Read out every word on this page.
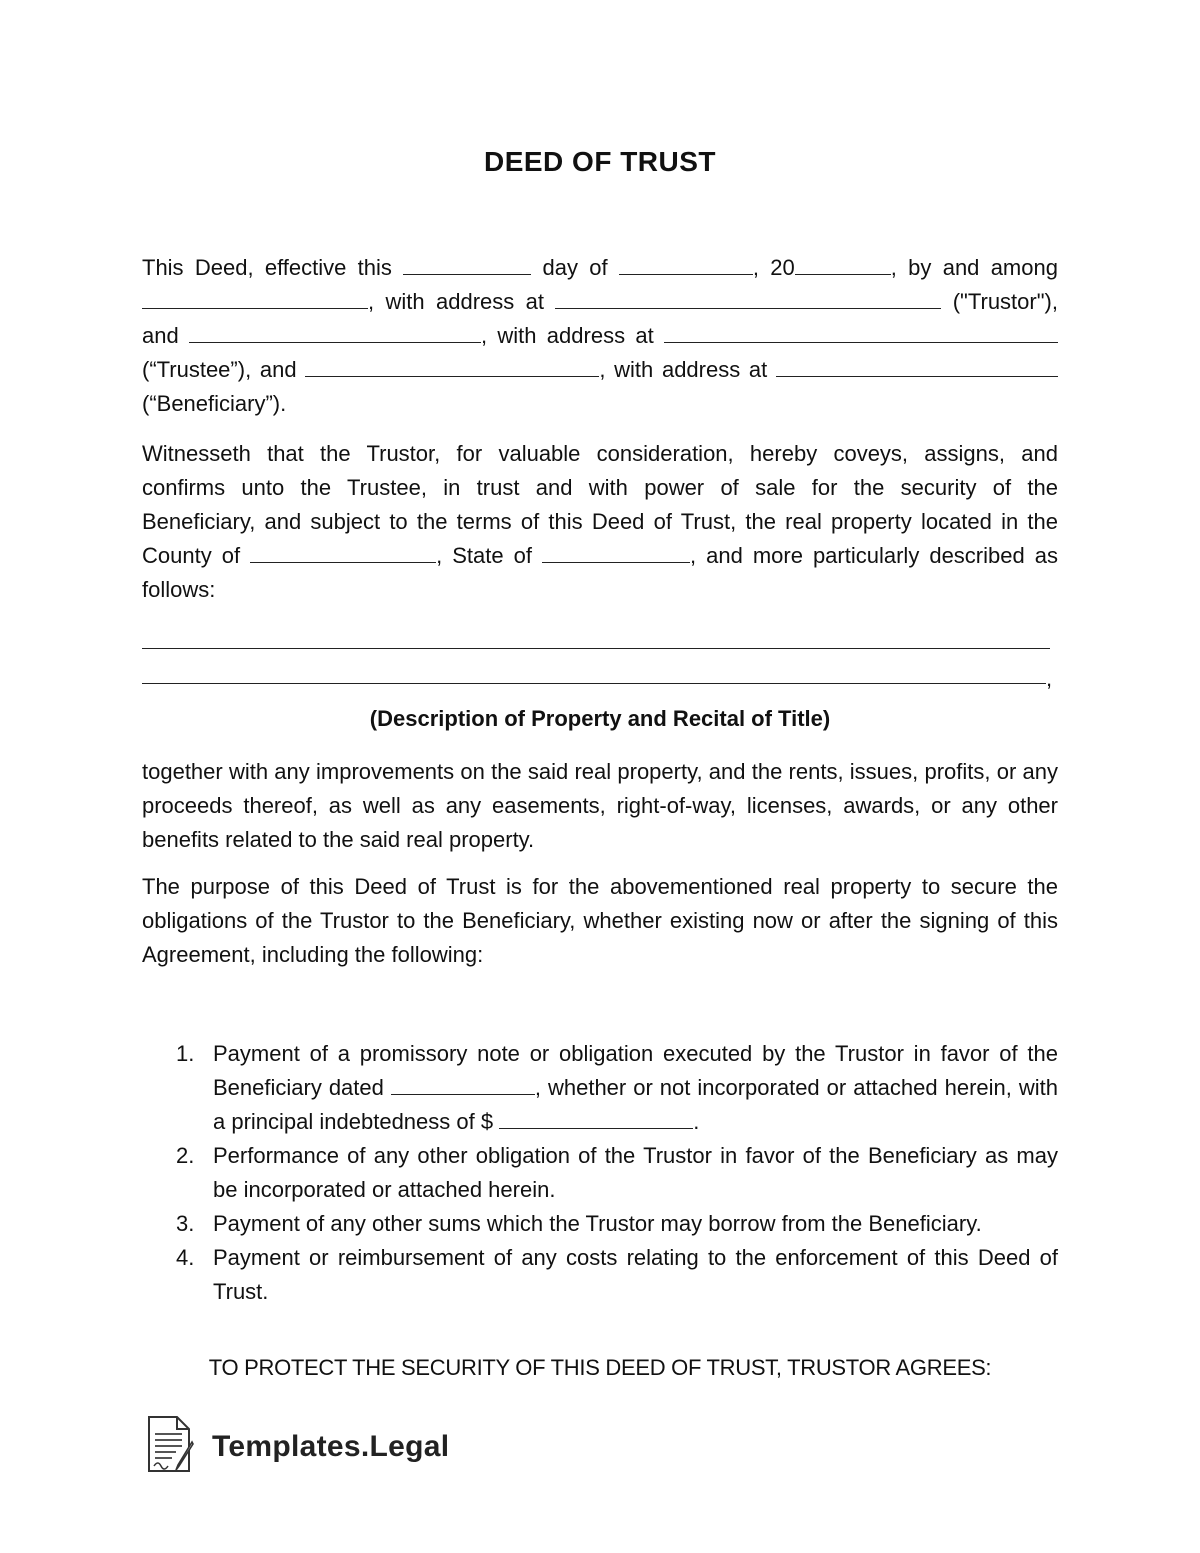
DEED OF TRUST
This Deed, effective this	day of	, 20	, by and among
, with address at	("Trustor"),
and	, with address at
(“Trustee”), and	, with address at
(“Beneficiary”).
Witnesseth that the Trustor, for valuable consideration, hereby coveys, assigns, and
confirms unto the Trustee, in trust and with power of sale for the security of the
Beneficiary, and subject to the terms of this Deed of Trust, the real property located in the
County of	, State of	, and more particularly described as
follows:
,
(Description of Property and Recital of Title)
together with any improvements on the said real property, and the rents, issues, profits, or any proceeds thereof, as well as any easements, right-of-way, licenses, awards, or any other benefits related to the said real property.
The purpose of this Deed of Trust is for the abovementioned real property to secure the obligations of the Trustor to the Beneficiary, whether existing now or after the signing of this Agreement, including the following:
1. Payment of a promissory note or obligation executed by the Trustor in favor of the Beneficiary dated	, whether or not incorporated or attached herein, with a principal indebtedness of $	.
2. Performance of any other obligation of the Trustor in favor of the Beneficiary as may be incorporated or attached herein.
3. Payment of any other sums which the Trustor may borrow from the Beneficiary.
4. Payment or reimbursement of any costs relating to the enforcement of this Deed of Trust.
TO PROTECT THE SECURITY OF THIS DEED OF TRUST, TRUSTOR AGREES:
Templates.Legal
